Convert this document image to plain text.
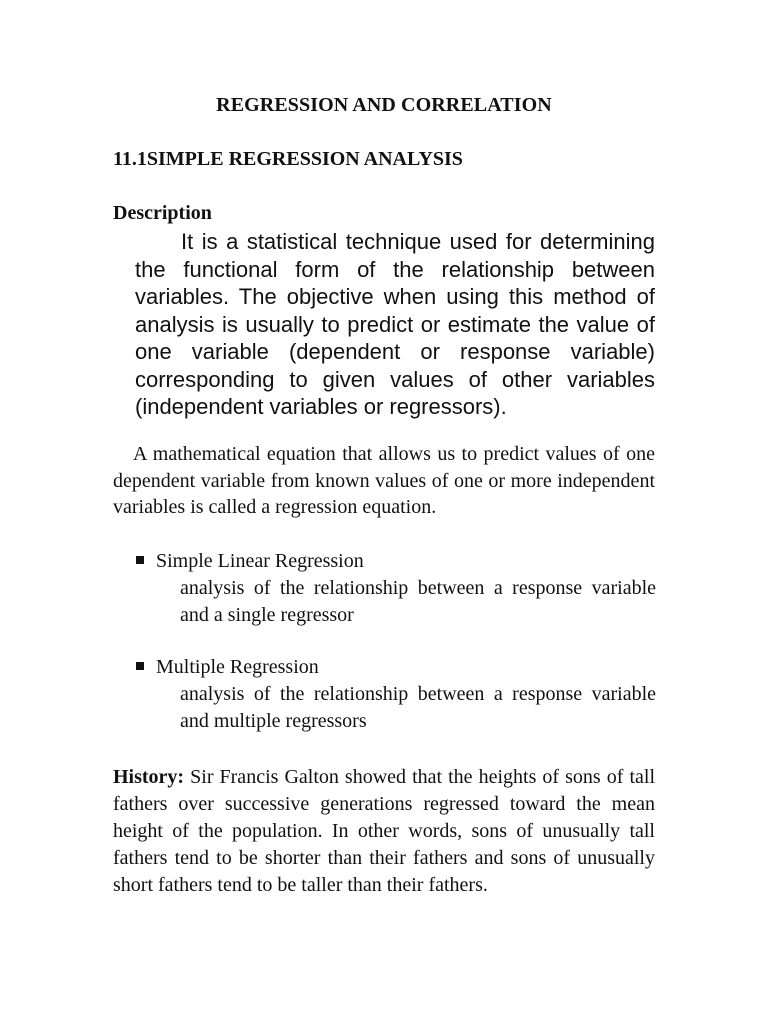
REGRESSION AND CORRELATION
11.1SIMPLE REGRESSION ANALYSIS
Description
It is a statistical technique used for determining the functional form of the relationship between variables. The objective when using this method of analysis is usually to predict or estimate the value of one variable (dependent or response variable) corresponding to given values of other variables (independent variables or regressors).
A mathematical equation that allows us to predict values of one dependent variable from known values of one or more independent variables is called a regression equation.
Simple Linear Regression
analysis of the relationship between a response variable and a single regressor
Multiple Regression
analysis of the relationship between a response variable and multiple regressors
History: Sir Francis Galton showed that the heights of sons of tall fathers over successive generations regressed toward the mean height of the population. In other words, sons of unusually tall fathers tend to be shorter than their fathers and sons of unusually short fathers tend to be taller than their fathers.
